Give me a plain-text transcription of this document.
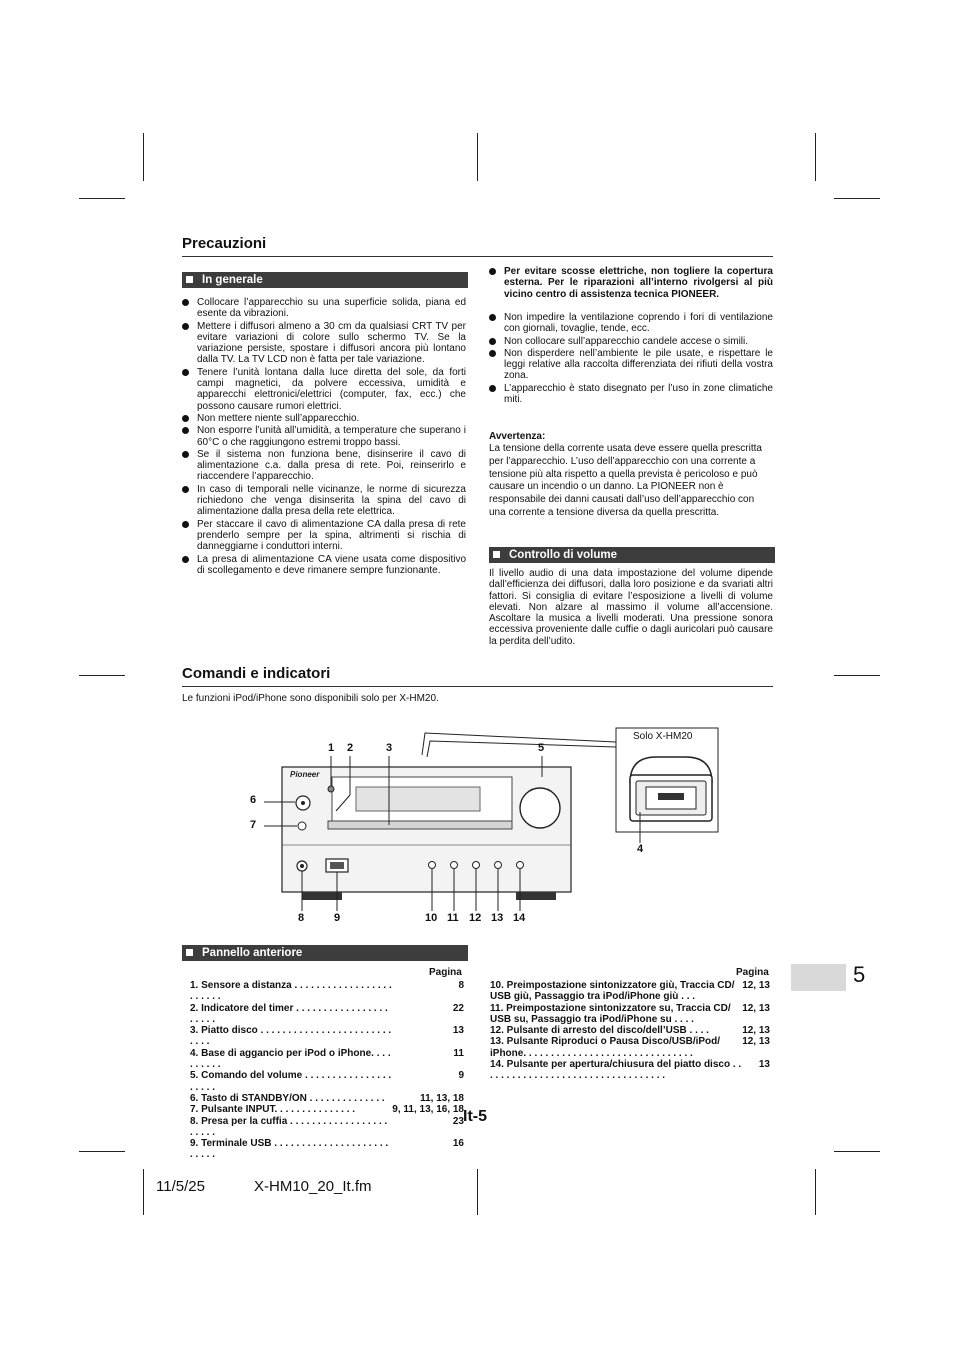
Precauzioni
In generale
Collocare l’apparecchio su una superficie solida, piana ed esente da vibrazioni.
Mettere i diffusori almeno a 30 cm da qualsiasi CRT TV per evitare variazioni di colore sullo schermo TV. Se la variazione persiste, spostare i diffusori ancora più lontano dalla TV. La TV LCD non è fatta per tale variazione.
Tenere l’unità lontana dalla luce diretta del sole, da forti campi magnetici, da polvere eccessiva, umidità e apparecchi elettronici/elettrici (computer, fax, ecc.) che possono causare rumori elettrici.
Non mettere niente sull’apparecchio.
Non esporre l’unità all’umidità, a temperature che superano i 60°C o che raggiungono estremi troppo bassi.
Se il sistema non funziona bene, disinserire il cavo di alimentazione c.a. dalla presa di rete. Poi, reinserirlo e riaccendere l’apparecchio.
In caso di temporali nelle vicinanze, le norme di sicurezza richiedono che venga disinserita la spina del cavo di alimentazione dalla presa della rete elettrica.
Per staccare il cavo di alimentazione CA dalla presa di rete prenderlo sempre per la spina, altrimenti si rischia di danneggiarne i conduttori interni.
La presa di alimentazione CA viene usata come dispositivo di scollegamento e deve rimanere sempre funzionante.
Per evitare scosse elettriche, non togliere la copertura esterna. Per le riparazioni all’interno rivolgersi al più vicino centro di assistenza tecnica PIONEER.
Non impedire la ventilazione coprendo i fori di ventilazione con giornali, tovaglie, tende, ecc.
Non collocare sull’apparecchio candele accese o simili.
Non disperdere nell’ambiente le pile usate, e rispettare le leggi relative alla raccolta differenziata dei rifiuti della vostra zona.
L’apparecchio è stato disegnato per l’uso in zone climatiche miti.
Avvertenza:
La tensione della corrente usata deve essere quella prescritta per l’apparecchio. L’uso dell’apparecchio con una corrente a tensione più alta rispetto a quella prevista è pericoloso e può causare un incendio o un danno. La PIONEER non è responsabile dei danni causati dall’uso dell’apparecchio con una corrente a tensione diversa da quella prescritta.
Controllo di volume
Il livello audio di una data impostazione del volume dipende dall’efficienza dei diffusori, dalla loro posizione e da svariati altri fattori. Si consiglia di evitare l’esposizione a livelli di volume elevati. Non alzare al massimo il volume all’accensione. Ascoltare la musica a livelli moderati. Una pressione sonora eccessiva proveniente dalle cuffie o dagli auricolari può causare la perdita dell’udito.
Comandi e indicatori
Le funzioni iPod/iPhone sono disponibili solo per X-HM20.
Pioneer
Solo X-HM20
1 2	3	5
4
6
7
8	9	10 11 12 13 14
Pannello anteriore
Pagina	Pagina
1. Sensore a distanza . . . . . . . . . . . . . . . . . . . . . . . .	8
2. Indicatore del timer . . . . . . . . . . . . . . . . . . . . . .	22
3. Piatto disco . . . . . . . . . . . . . . . . . . . . . . . . . . . .	13
4. Base di aggancio per iPod o iPhone. . . . . . . . . .	11
5. Comando del volume . . . . . . . . . . . . . . . . . . . . .	9
6. Tasto di STANDBY/ON . . . . . . . . . . . . . .	11, 13, 18
7. Pulsante INPUT. . . . . . . . . . . . . . .	9, 11, 13, 16, 18
8. Presa per la cuffia . . . . . . . . . . . . . . . . . . . . . . .	23
9. Terminale USB . . . . . . . . . . . . . . . . . . . . . . . . . .	16
10. Preimpostazione sintonizzatore giù, Traccia CD/ USB giù, Passaggio tra iPod/iPhone giù . . .	12, 13
11. Preimpostazione sintonizzatore su, Traccia CD/ USB su, Passaggio tra iPod/iPhone su . . . .	12, 13
12. Pulsante di arresto del disco/dell’USB . . . .	12, 13
13. Pulsante Riproduci o Pausa Disco/USB/iPod/ iPhone. . . . . . . . . . . . . . . . . . . . . . . . . . . . . . .	12, 13
14. Pulsante per apertura/chiusura del piatto disco . . . . . . . . . . . . . . . . . . . . . . . . . . . . . . . . . .	13
5
It-5
11/5/25	X-HM10_20_It.fm
